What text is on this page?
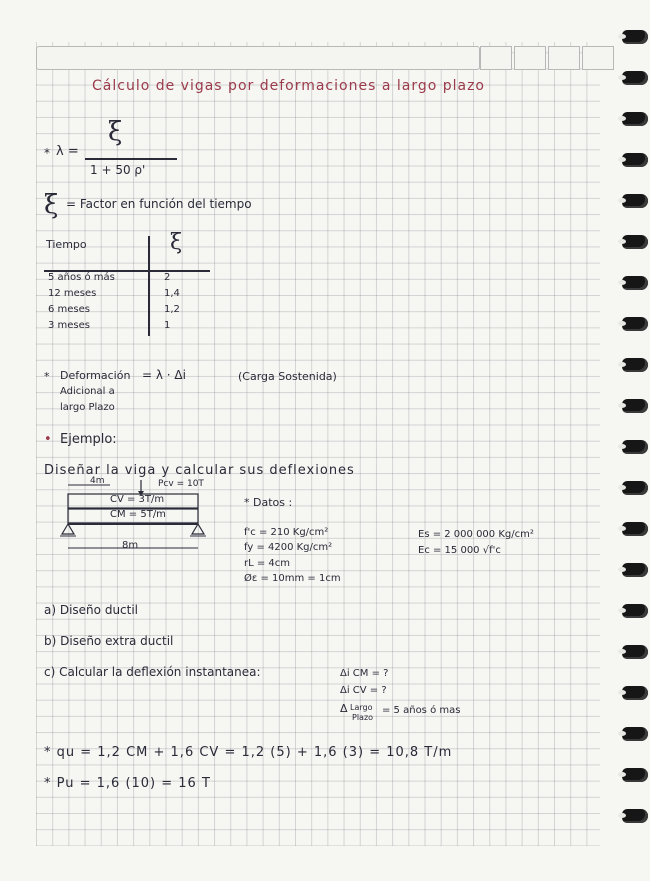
Cálculo de vigas por deformaciones a largo plazo
* λ =
ξ
1 + 50 ρ'
ξ = Factor en función del tiempo
Tiempo	ξ
5 años ó más	2
12 meses	1,4
6 meses	1,2
3 meses	1
* Deformación
Adicional a
largo Plazo
= λ · Δi	(Carga Sostenida)
• Ejemplo:
Diseñar la viga y calcular sus deflexiones
4m	Pcv = 10T
CV = 3T/m
CM = 5T/m
8m
* Datos :
f'c = 210 Kg/cm²
fy = 4200 Kg/cm²
rL = 4cm
Øε = 10mm = 1cm
Es = 2 000 000 Kg/cm²
Ec = 15 000 √f'c
a) Diseño ductil
b) Diseño extra ductil
c) Calcular la deflexión instantanea:	Δi CM = ?
Δi CV = ?
Δ Largo
Plazo
= 5 años ó mas
* qu = 1,2 CM + 1,6 CV = 1,2 (5) + 1,6 (3) = 10,8 T/m
* Pu = 1,6 (10) = 16 T
